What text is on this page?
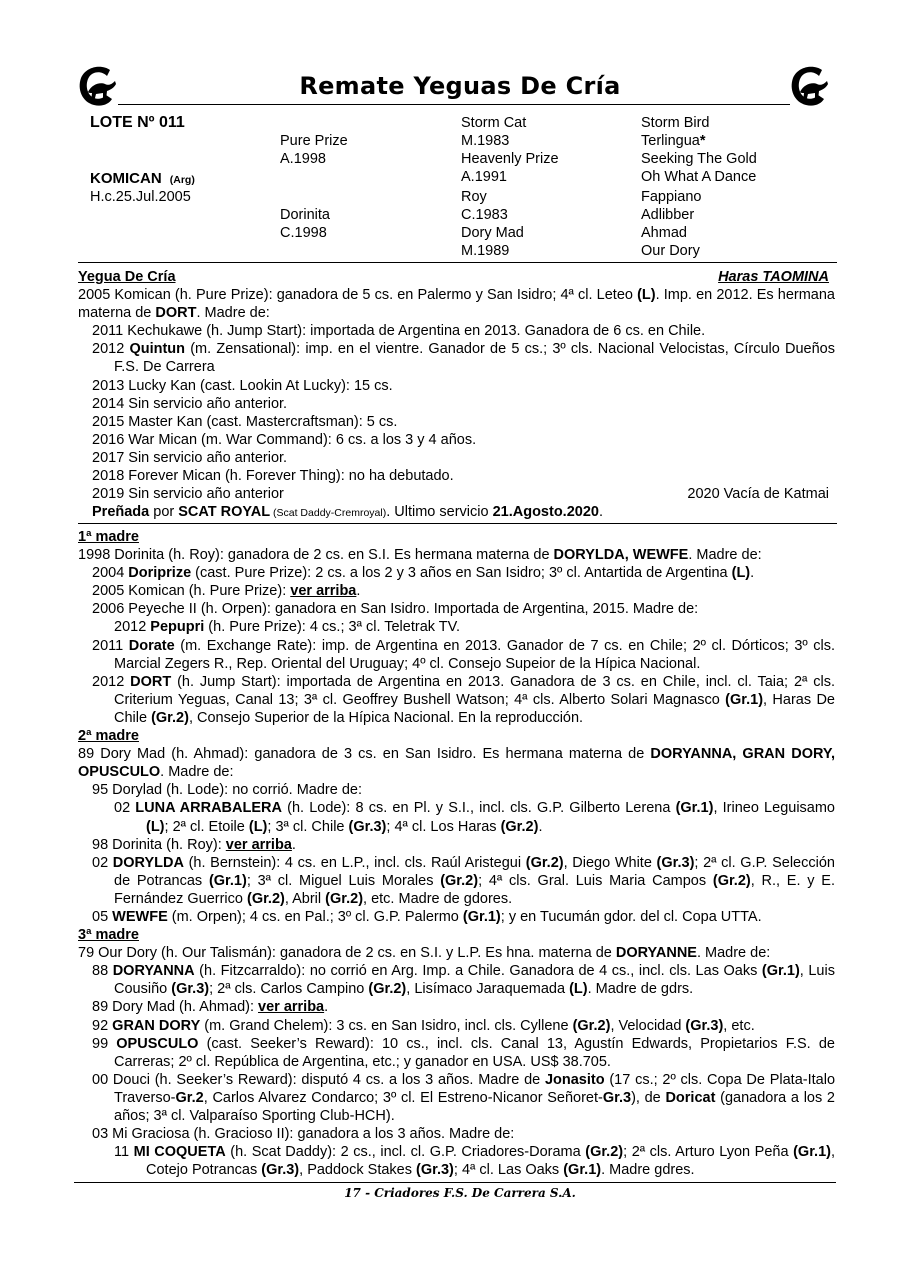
Remate Yeguas De Cría
LOTE Nº 011
KOMICAN (Arg)
H.c.25.Jul.2005
Pure Prize
A.1998
Dorinita
C.1998
Storm Cat
M.1983
Heavenly Prize
A.1991
Roy
C.1983
Dory Mad
M.1989
Storm Bird
Terlingua*
Seeking The Gold
Oh What A Dance
Fappiano
Adlibber
Ahmad
Our Dory

Yegua De Cría	Haras TAOMINA

2005 Komican (h. Pure Prize): ganadora de 5 cs. en Palermo y San Isidro; 4ª cl. Leteo (L). Imp. en 2012. Es hermana materna de DORT. Madre de:

2011 Kechukawe (h. Jump Start): importada de Argentina en 2013. Ganadora de 6 cs. en Chile.

2012 Quintun (m. Zensational): imp. en el vientre. Ganador de 5 cs.; 3º cls. Nacional Velocistas, Círculo Dueños F.S. De Carrera

2013 Lucky Kan (cast. Lookin At Lucky): 15 cs.

2014 Sin servicio año anterior.

2015 Master Kan (cast. Mastercraftsman): 5 cs.

2016 War Mican (m. War Command): 6 cs. a los 3 y 4 años.

2017 Sin servicio año anterior.

2018 Forever Mican (h. Forever Thing): no ha debutado.

2019 Sin servicio año anterior	2020 Vacía de Katmai

Preñada por SCAT ROYAL (Scat Daddy-Cremroyal). Ultimo servicio 21.Agosto.2020.

1ª madre

1998 Dorinita (h. Roy): ganadora de 2 cs. en S.I. Es hermana materna de DORYLDA, WEWFE. Madre de:

2004 Doriprize (cast. Pure Prize): 2 cs. a los 2 y 3 años en San Isidro; 3º cl. Antartida de Argentina (L).

2005 Komican (h. Pure Prize): ver arriba.

2006 Peyeche II (h. Orpen): ganadora en San Isidro. Importada de Argentina, 2015. Madre de:

2012 Pepupri (h. Pure Prize): 4 cs.; 3ª cl. Teletrak TV.

2011 Dorate (m. Exchange Rate): imp. de Argentina en 2013. Ganador de 7 cs. en Chile; 2º cl. Dórticos; 3º cls. Marcial Zegers R., Rep. Oriental del Uruguay; 4º cl. Consejo Supeior de la Hípica Nacional.

2012 DORT (h. Jump Start): importada de Argentina en 2013. Ganadora de 3 cs. en Chile, incl. cl. Taia; 2ª cls. Criterium Yeguas, Canal 13; 3ª cl. Geoffrey Bushell Watson; 4ª cls. Alberto Solari Magnasco (Gr.1), Haras De Chile (Gr.2), Consejo Superior de la Hípica Nacional. En la reproducción.

2ª madre

89 Dory Mad (h. Ahmad): ganadora de 3 cs. en San Isidro. Es hermana materna de DORYANNA, GRAN DORY, OPUSCULO. Madre de:

95 Dorylad (h. Lode): no corrió. Madre de:

02 LUNA ARRABALERA (h. Lode): 8 cs. en Pl. y S.I., incl. cls. G.P. Gilberto Lerena (Gr.1), Irineo Leguisamo (L); 2ª cl. Etoile (L); 3ª cl. Chile (Gr.3); 4ª cl. Los Haras (Gr.2).

98 Dorinita (h. Roy): ver arriba.

02 DORYLDA (h. Bernstein): 4 cs. en L.P., incl. cls. Raúl Aristegui (Gr.2), Diego White (Gr.3); 2ª cl. G.P. Selección de Potrancas (Gr.1); 3ª cl. Miguel Luis Morales (Gr.2); 4ª cls. Gral. Luis Maria Campos (Gr.2), R., E. y E. Fernández Guerrico (Gr.2), Abril (Gr.2), etc. Madre de gdores.

05 WEWFE (m. Orpen); 4 cs. en Pal.; 3º cl. G.P. Palermo (Gr.1); y en Tucumán gdor. del cl. Copa UTTA.

3ª madre

79 Our Dory (h. Our Talismán): ganadora de 2 cs. en S.I. y L.P. Es hna. materna de DORYANNE. Madre de:

88 DORYANNA (h. Fitzcarraldo): no corrió en Arg. Imp. a Chile. Ganadora de 4 cs., incl. cls. Las Oaks (Gr.1), Luis Cousiño (Gr.3); 2ª cls. Carlos Campino (Gr.2), Lisímaco Jaraquemada (L). Madre de gdrs.

89 Dory Mad (h. Ahmad): ver arriba.

92 GRAN DORY (m. Grand Chelem): 3 cs. en San Isidro, incl. cls. Cyllene (Gr.2), Velocidad (Gr.3), etc.

99 OPUSCULO (cast. Seeker’s Reward): 10 cs., incl. cls. Canal 13, Agustín Edwards, Propietarios F.S. de Carreras; 2º cl. República de Argentina, etc.; y ganador en USA. US$ 38.705.

00 Douci (h. Seeker’s Reward): disputó 4 cs. a los 3 años. Madre de Jonasito (17 cs.; 2º cls. Copa De Plata-Italo Traverso-Gr.2, Carlos Alvarez Condarco; 3º cl. El Estreno-Nicanor Señoret-Gr.3), de Doricat (ganadora a los 2 años; 3ª cl. Valparaíso Sporting Club-HCH).

03 Mi Graciosa (h. Gracioso II): ganadora a los 3 años. Madre de:

11 MI COQUETA (h. Scat Daddy): 2 cs., incl. cl. G.P. Criadores-Dorama (Gr.2); 2ª cls. Arturo Lyon Peña (Gr.1), Cotejo Potrancas (Gr.3), Paddock Stakes (Gr.3); 4ª cl. Las Oaks (Gr.1). Madre gdres.

17 - Criadores F.S. De Carrera S.A.
